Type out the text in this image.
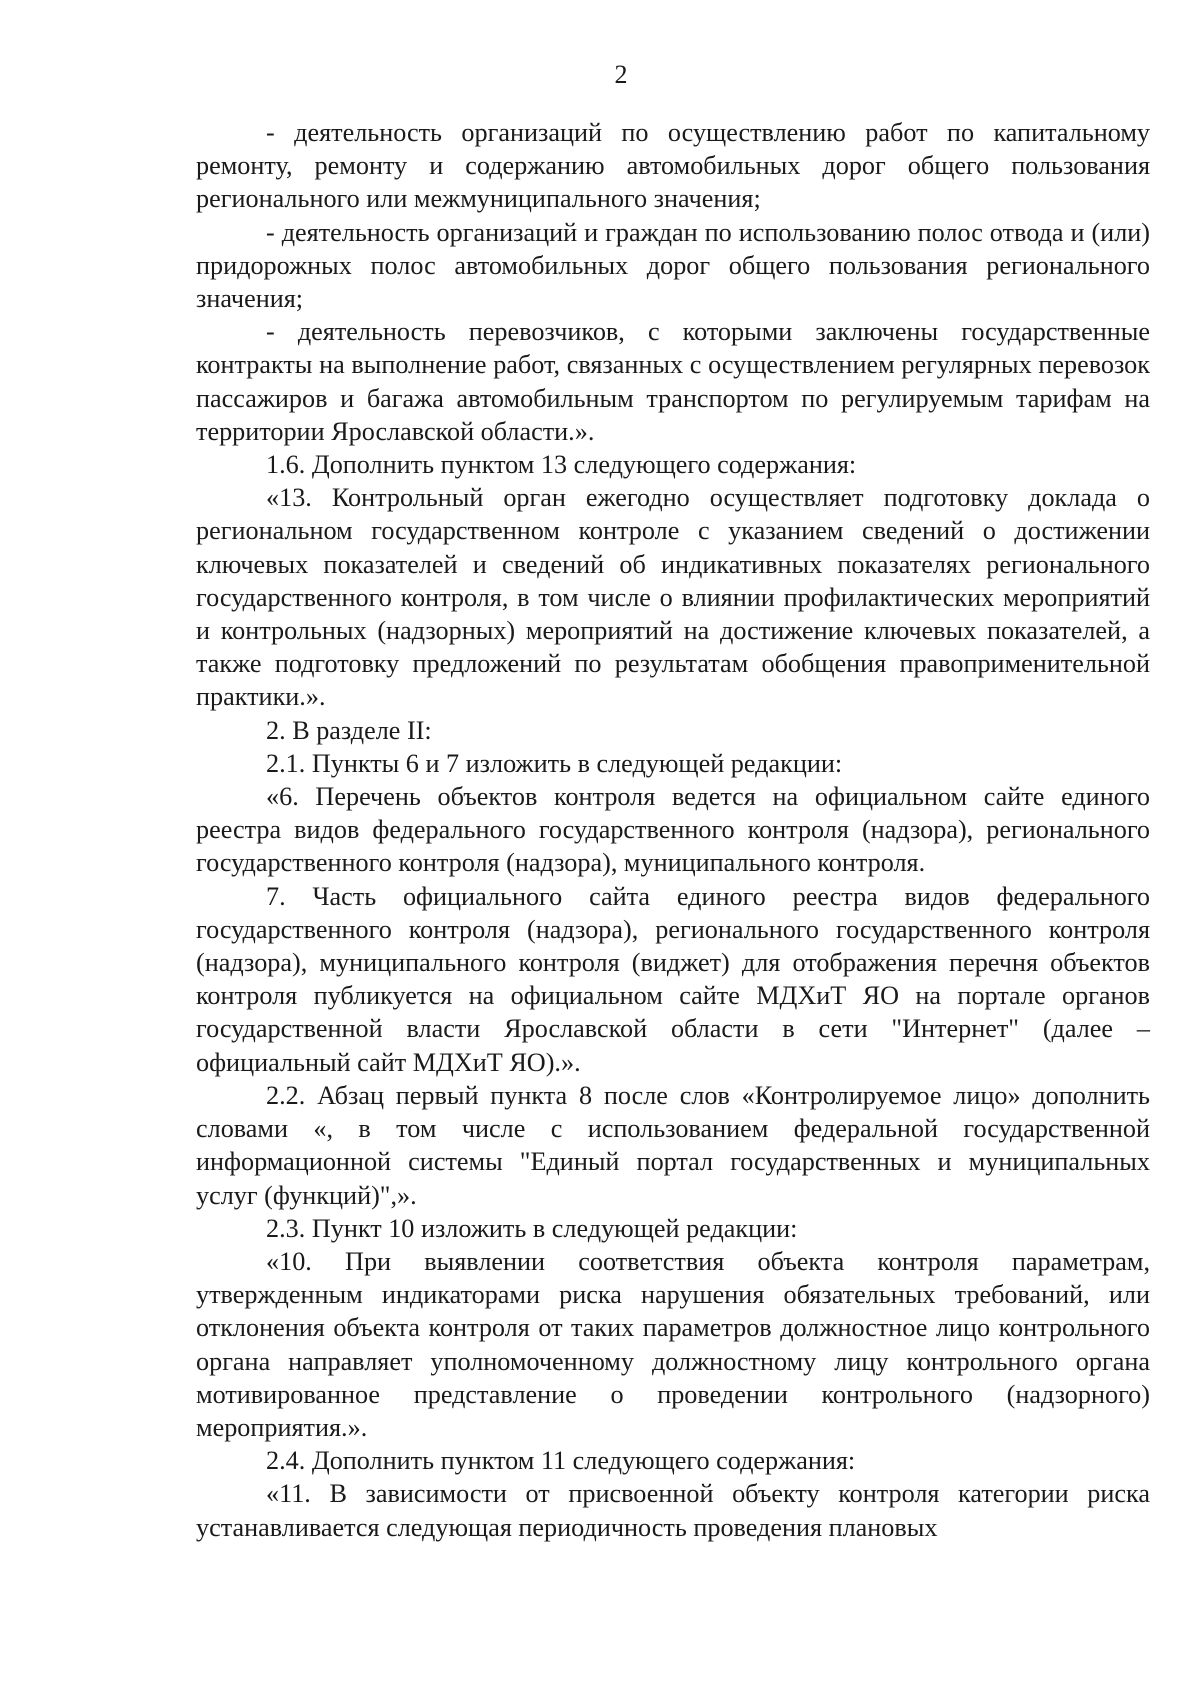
2

- деятельность организаций по осуществлению работ по капитальному ремонту, ремонту и содержанию автомобильных дорог общего пользования регионального или межмуниципального значения;

- деятельность организаций и граждан по использованию полос отвода и (или) придорожных полос автомобильных дорог общего пользования регионального значения;

- деятельность перевозчиков, с которыми заключены государственные контракты на выполнение работ, связанных с осуществлением регулярных перевозок пассажиров и багажа автомобильным транспортом по регулируемым тарифам на территории Ярославской области.».

1.6. Дополнить пунктом 13 следующего содержания:

«13. Контрольный орган ежегодно осуществляет подготовку доклада о региональном государственном контроле с указанием сведений о достижении ключевых показателей и сведений об индикативных показателях регионального государственного контроля, в том числе о влиянии профилактических мероприятий и контрольных (надзорных) мероприятий на достижение ключевых показателей, а также подготовку предложений по результатам обобщения правоприменительной практики.».

2. В разделе II:

2.1. Пункты 6 и 7 изложить в следующей редакции:

«6. Перечень объектов контроля ведется на официальном сайте единого реестра видов федерального государственного контроля (надзора), регионального государственного контроля (надзора), муниципального контроля.

7. Часть официального сайта единого реестра видов федерального государственного контроля (надзора), регионального государственного контроля (надзора), муниципального контроля (виджет) для отображения перечня объектов контроля публикуется на официальном сайте МДХиТ ЯО на портале органов государственной власти Ярославской области в сети "Интернет" (далее – официальный сайт МДХиТ ЯО).».

2.2. Абзац первый пункта 8 после слов «Контролируемое лицо» дополнить словами «, в том числе с использованием федеральной государственной информационной системы "Единый портал государственных и муниципальных услуг (функций)",».

2.3. Пункт 10 изложить в следующей редакции:

«10. При выявлении соответствия объекта контроля параметрам, утвержденным индикаторами риска нарушения обязательных требований, или отклонения объекта контроля от таких параметров должностное лицо контрольного органа направляет уполномоченному должностному лицу контрольного органа мотивированное представление о проведении контрольного (надзорного) мероприятия.».

2.4. Дополнить пунктом 11 следующего содержания:

«11. В зависимости от присвоенной объекту контроля категории риска устанавливается следующая периодичность проведения плановых
